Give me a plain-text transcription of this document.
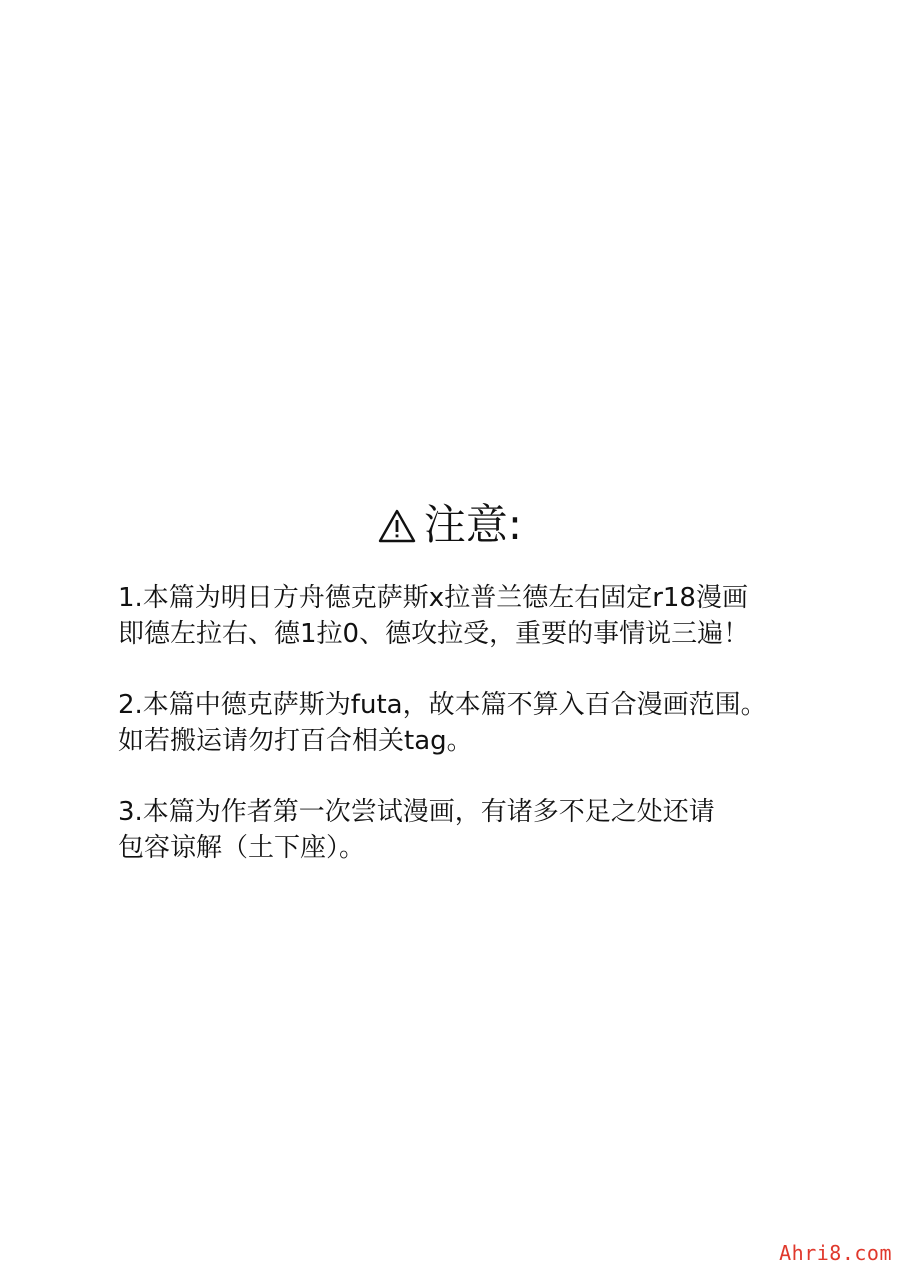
注意:
1.本篇为明日方舟德克萨斯x拉普兰德左右固定r18漫画
即德左拉右、德1拉0、德攻拉受，重要的事情说三遍！
2.本篇中德克萨斯为futa，故本篇不算入百合漫画范围。
如若搬运请勿打百合相关tag。
3.本篇为作者第一次尝试漫画，有诸多不足之处还请
包容谅解（土下座）。
Ahri8.com
